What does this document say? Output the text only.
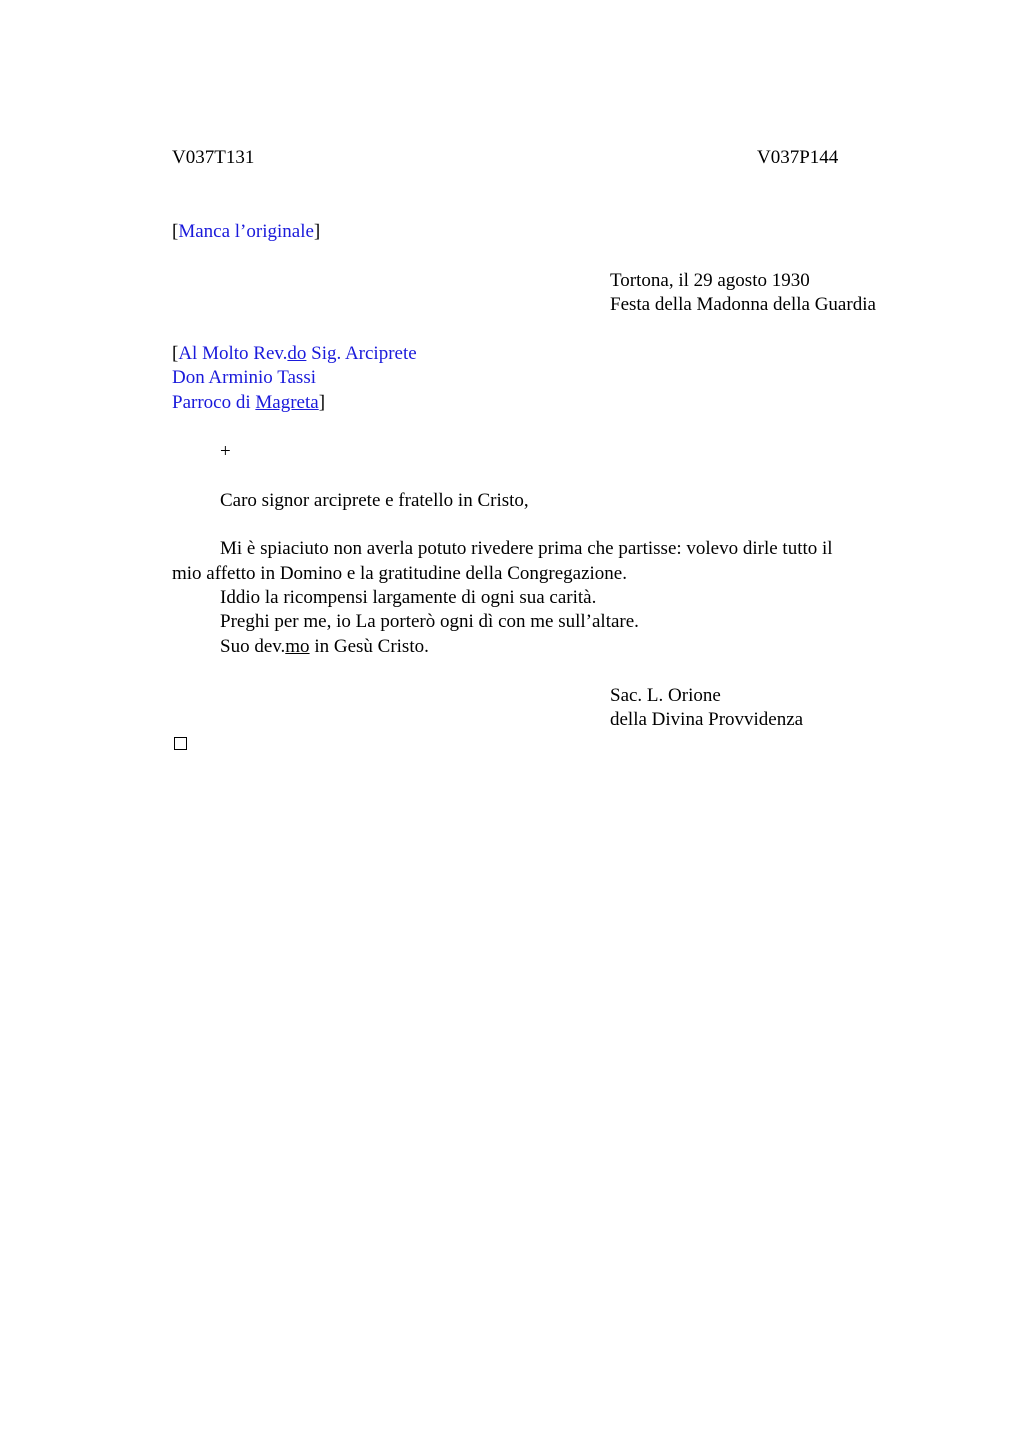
V037T131	V037P144
[Manca l’originale]
Tortona, il 29 agosto 1930
Festa della Madonna della Guardia
[Al Molto Rev.do Sig. Arciprete
Don Arminio Tassi
Parroco di Magreta]
+
Caro signor arciprete e fratello in Cristo,
Mi è spiaciuto non averla potuto rivedere prima che partisse: volevo dirle tutto il
mio affetto in Domino e la gratitudine della Congregazione.
Iddio la ricompensi largamente di ogni sua carità.
Preghi per me, io La porterò ogni dì con me sull’altare.
Suo dev.mo in Gesù Cristo.
Sac. L. Orione
della Divina Provvidenza
